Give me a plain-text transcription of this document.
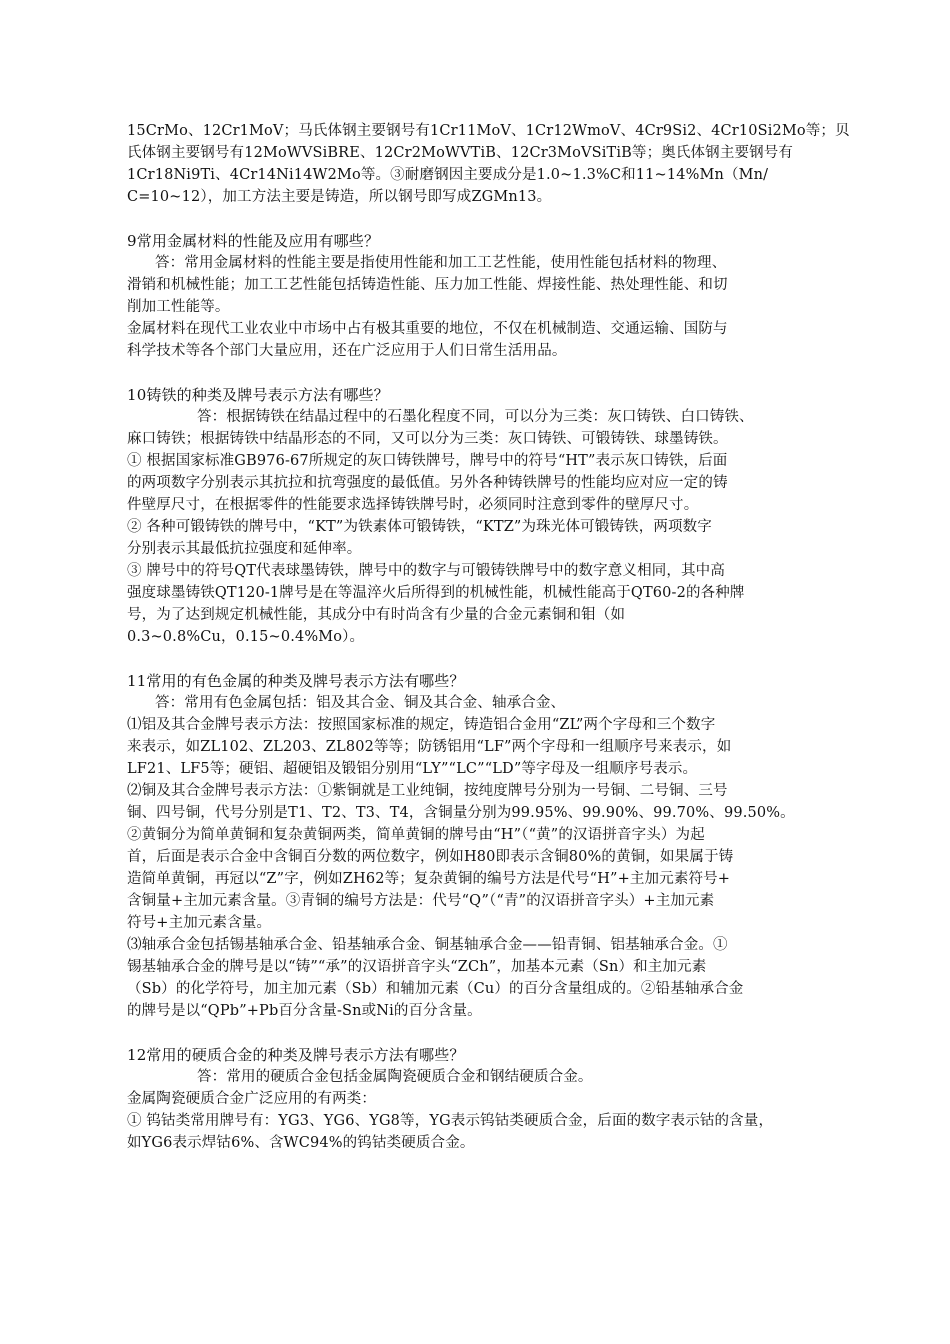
15CrMo、12Cr1MoV；马氏体钢主要钢号有1Cr11MoV、1Cr12WmoV、4Cr9Si2、4Cr10Si2Mo等；贝
氏体钢主要钢号有12MoWVSiBRE、12Cr2MoWVTiB、12Cr3MoVSiTiB等；奥氏体钢主要钢号有
1Cr18Ni9Ti、4Cr14Ni14W2Mo等。③耐磨钢因主要成分是1.0~1.3%C和11~14%Mn（Mn/
C=10~12），加工方法主要是铸造，所以钢号即写成ZGMn13。
9常用金属材料的性能及应用有哪些？
答：常用金属材料的性能主要是指使用性能和加工工艺性能，使用性能包括材料的物理、
滑销和机械性能；加工工艺性能包括铸造性能、压力加工性能、焊接性能、热处理性能、和切
削加工性能等。
金属材料在现代工业农业中市场中占有极其重要的地位，不仅在机械制造、交通运输、国防与
科学技术等各个部门大量应用，还在广泛应用于人们日常生活用品。
10铸铁的种类及牌号表示方法有哪些？
答：根据铸铁在结晶过程中的石墨化程度不同，可以分为三类：灰口铸铁、白口铸铁、
麻口铸铁；根据铸铁中结晶形态的不同，又可以分为三类：灰口铸铁、可锻铸铁、球墨铸铁。
① 根据国家标准GB976-67所规定的灰口铸铁牌号，牌号中的符号“HT”表示灰口铸铁，后面
的两项数字分别表示其抗拉和抗弯强度的最低值。另外各种铸铁牌号的性能均应对应一定的铸
件壁厚尺寸，在根据零件的性能要求选择铸铁牌号时，必须同时注意到零件的壁厚尺寸。
② 各种可锻铸铁的牌号中，“KT”为铁素体可锻铸铁，“KTZ”为珠光体可锻铸铁，两项数字
分别表示其最低抗拉强度和延伸率。
③ 牌号中的符号QT代表球墨铸铁，牌号中的数字与可锻铸铁牌号中的数字意义相同，其中高
强度球墨铸铁QT120-1牌号是在等温淬火后所得到的机械性能，机械性能高于QT60-2的各种牌
号，为了达到规定机械性能，其成分中有时尚含有少量的合金元素铜和钼（如
0.3~0.8%Cu，0.15~0.4%Mo）。
11常用的有色金属的种类及牌号表示方法有哪些？
答：常用有色金属包括：铝及其合金、铜及其合金、轴承合金、
⑴铝及其合金牌号表示方法：按照国家标准的规定，铸造铝合金用“ZL”两个字母和三个数字
来表示，如ZL102、ZL203、ZL802等等；防锈铝用“LF”两个字母和一组顺序号来表示，如
LF21、LF5等；硬铝、超硬铝及锻铝分别用“LY”“LC”“LD”等字母及一组顺序号表示。
⑵铜及其合金牌号表示方法：①紫铜就是工业纯铜，按纯度牌号分别为一号铜、二号铜、三号
铜、四号铜，代号分别是T1、T2、T3、T4，含铜量分别为99.95%、99.90%、99.70%、99.50%。
②黄铜分为简单黄铜和复杂黄铜两类，简单黄铜的牌号由“H”（“黄”的汉语拼音字头）为起
首，后面是表示合金中含铜百分数的两位数字，例如H80即表示含铜80%的黄铜，如果属于铸
造简单黄铜，再冠以“Z”字，例如ZH62等；复杂黄铜的编号方法是代号“H”+主加元素符号+
含铜量+主加元素含量。③青铜的编号方法是：代号“Q”（“青”的汉语拼音字头）+主加元素
符号+主加元素含量。
⑶轴承合金包括锡基轴承合金、铅基轴承合金、铜基轴承合金——铅青铜、铝基轴承合金。①
锡基轴承合金的牌号是以“铸”“承”的汉语拼音字头“ZCh”，加基本元素（Sn）和主加元素
（Sb）的化学符号，加主加元素（Sb）和辅加元素（Cu）的百分含量组成的。②铅基轴承合金
的牌号是以“QPb”+Pb百分含量-Sn或Ni的百分含量。
12常用的硬质合金的种类及牌号表示方法有哪些？
答：常用的硬质合金包括金属陶瓷硬质合金和钢结硬质合金。
金属陶瓷硬质合金广泛应用的有两类：
① 钨钴类常用牌号有：YG3、YG6、YG8等，YG表示钨钴类硬质合金，后面的数字表示钴的含量，
如YG6表示焊钴6%、含WC94%的钨钴类硬质合金。
